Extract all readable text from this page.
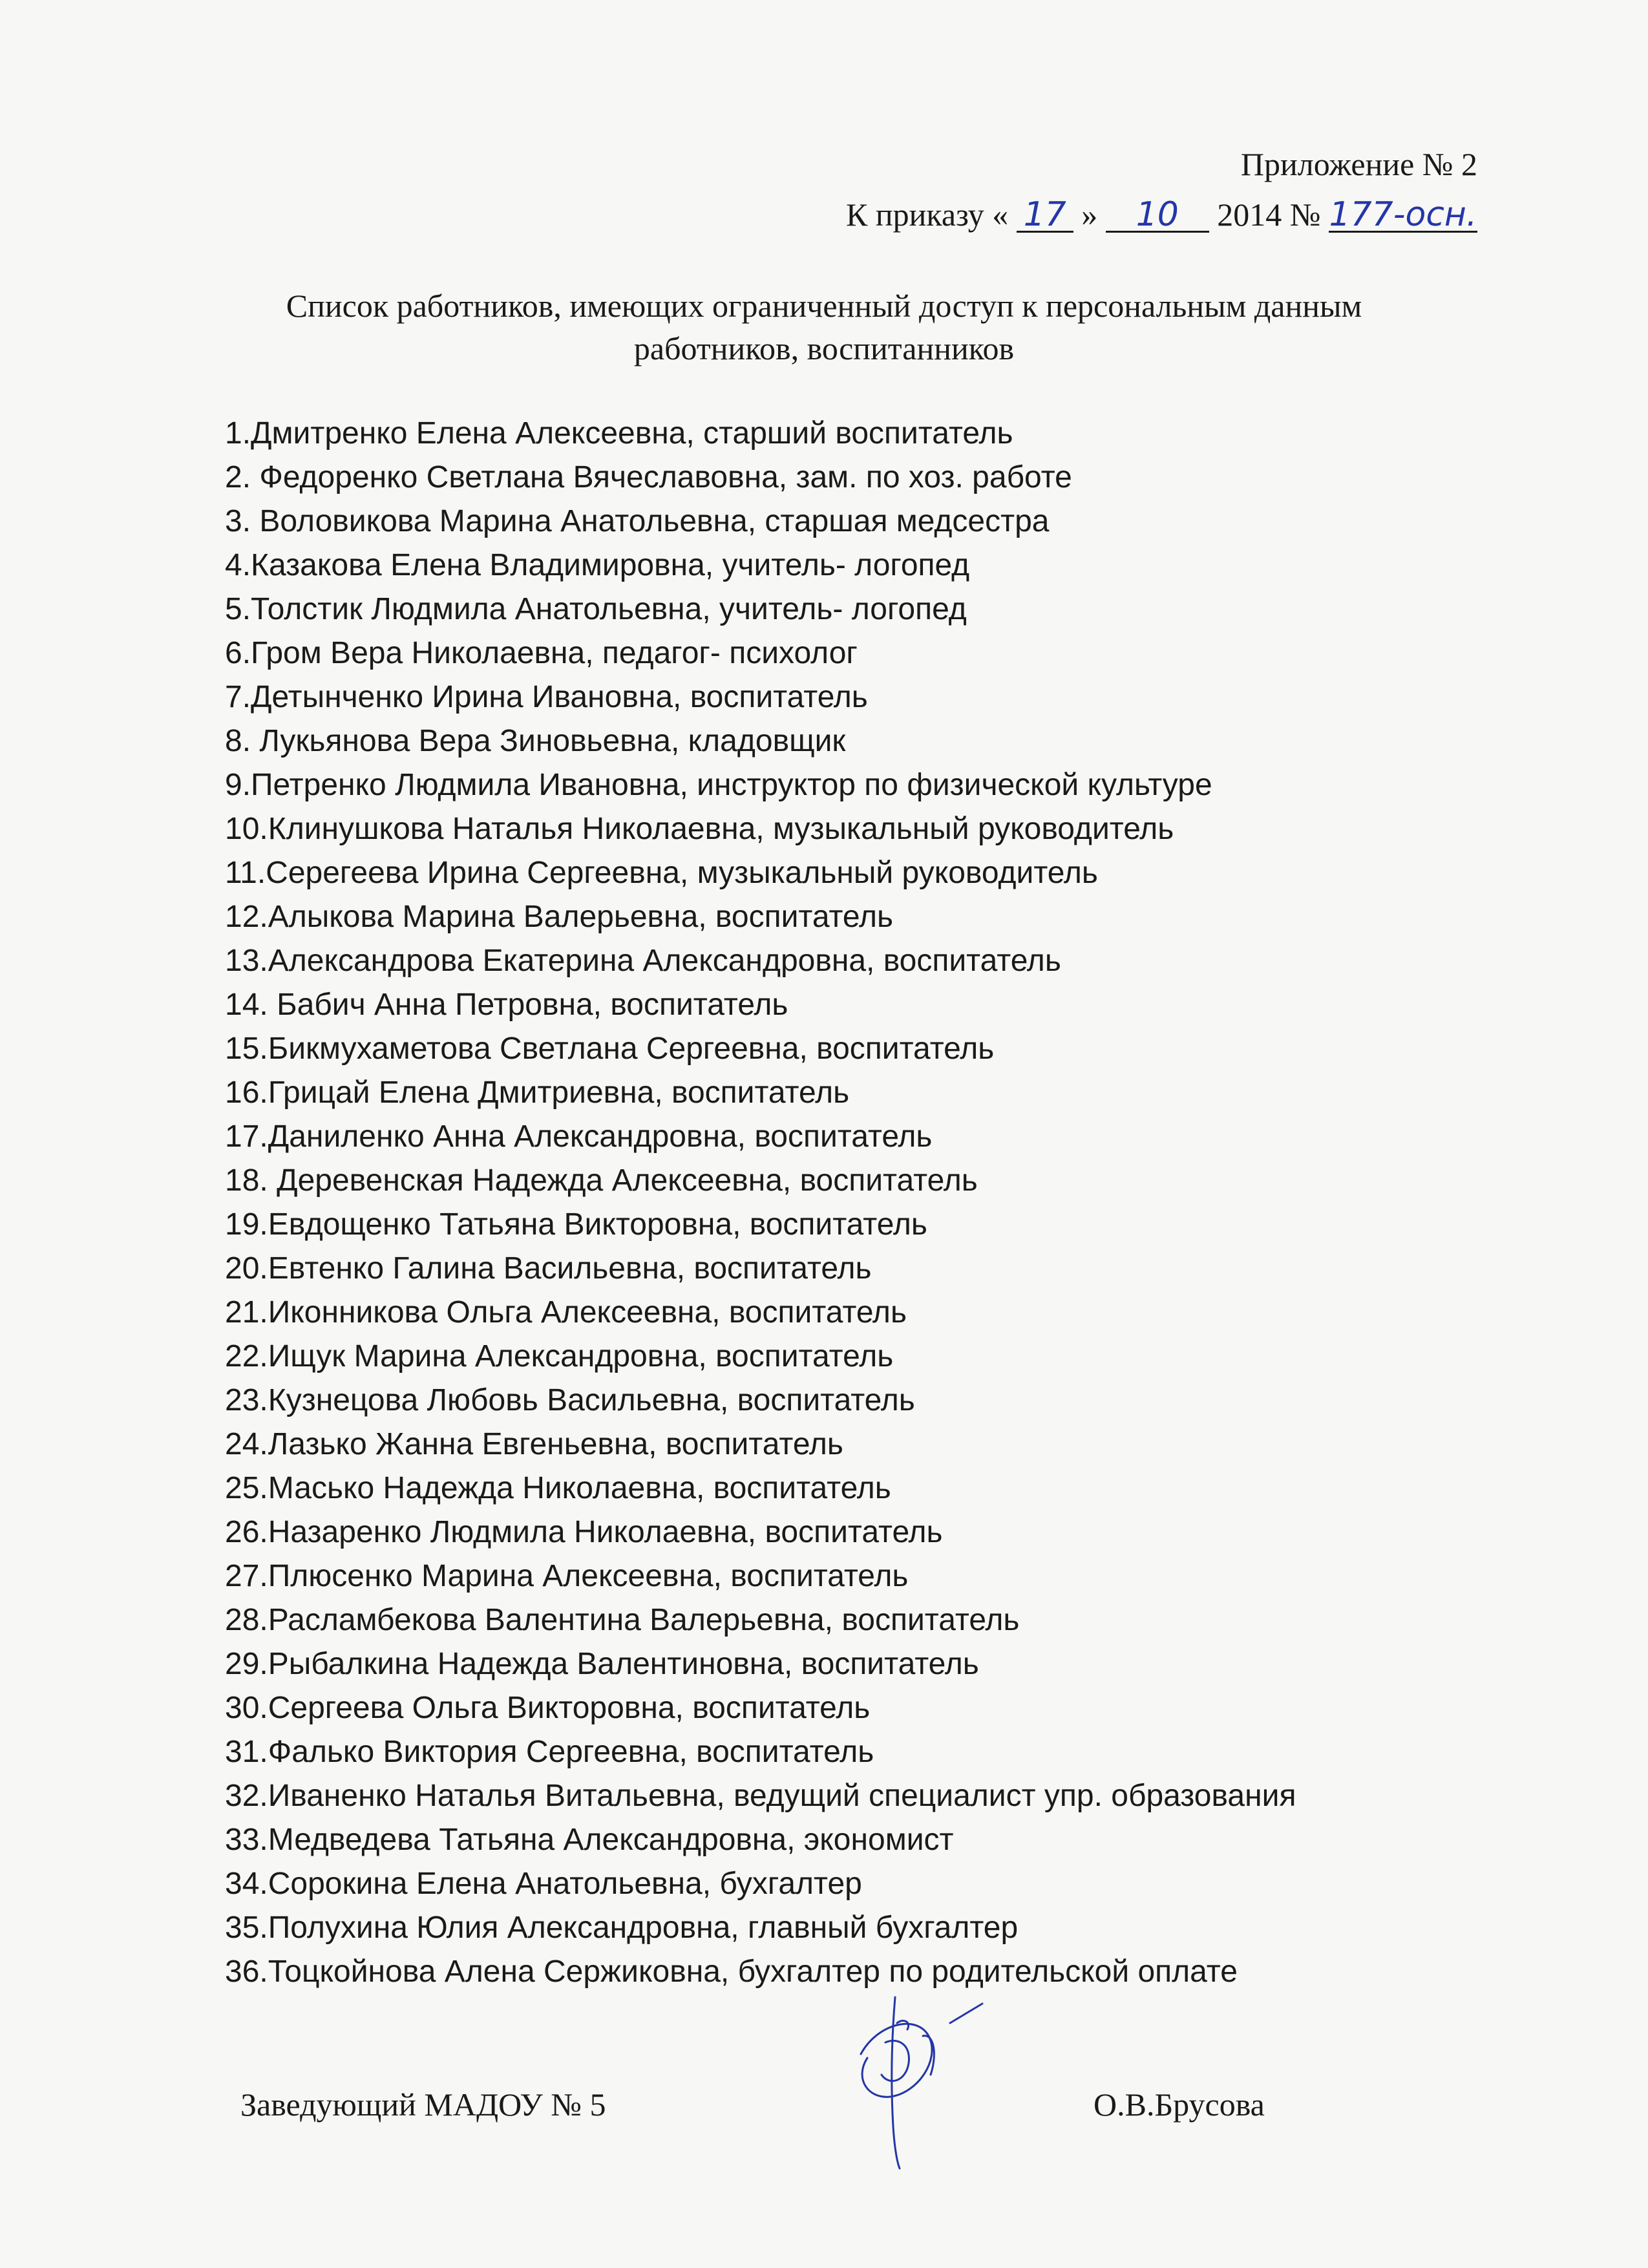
Приложение № 2
К приказу « 17 » 10 2014 № 177-осн.
Список работников, имеющих ограниченный доступ к персональным данным
работников, воспитанников
1.Дмитренко Елена Алексеевна, старший воспитатель
2. Федоренко Светлана Вячеславовна, зам. по хоз. работе
3. Воловикова Марина Анатольевна, старшая медсестра
4.Казакова Елена Владимировна, учитель- логопед
5.Толстик Людмила Анатольевна, учитель- логопед
6.Гром Вера Николаевна, педагог- психолог
7.Детынченко Ирина Ивановна, воспитатель
8. Лукьянова Вера Зиновьевна, кладовщик
9.Петренко Людмила Ивановна, инструктор по физической культуре
10.Клинушкова Наталья Николаевна, музыкальный руководитель
11.Серегеева Ирина Сергеевна, музыкальный руководитель
12.Алыкова Марина Валерьевна, воспитатель
13.Александрова Екатерина Александровна, воспитатель
14. Бабич Анна Петровна, воспитатель
15.Бикмухаметова Светлана Сергеевна, воспитатель
16.Грицай Елена Дмитриевна, воспитатель
17.Даниленко Анна Александровна, воспитатель
18. Деревенская Надежда Алексеевна, воспитатель
19.Евдощенко Татьяна Викторовна, воспитатель
20.Евтенко Галина Васильевна, воспитатель
21.Иконникова Ольга Алексеевна, воспитатель
22.Ищук Марина Александровна, воспитатель
23.Кузнецова Любовь Васильевна, воспитатель
24.Лазько Жанна Евгеньевна, воспитатель
25.Масько Надежда Николаевна, воспитатель
26.Назаренко Людмила Николаевна, воспитатель
27.Плюсенко Марина Алексеевна, воспитатель
28.Расламбекова Валентина Валерьевна, воспитатель
29.Рыбалкина Надежда Валентиновна, воспитатель
30.Сергеева Ольга Викторовна, воспитатель
31.Фалько Виктория Сергеевна, воспитатель
32.Иваненко Наталья Витальевна, ведущий специалист упр. образования
33.Медведева Татьяна Александровна, экономист
34.Сорокина Елена Анатольевна, бухгалтер
35.Полухина Юлия Александровна, главный бухгалтер
36.Тоцкойнова Алена Сержиковна, бухгалтер по родительской оплате
Заведующий МАДОУ № 5	О.В.Брусова
